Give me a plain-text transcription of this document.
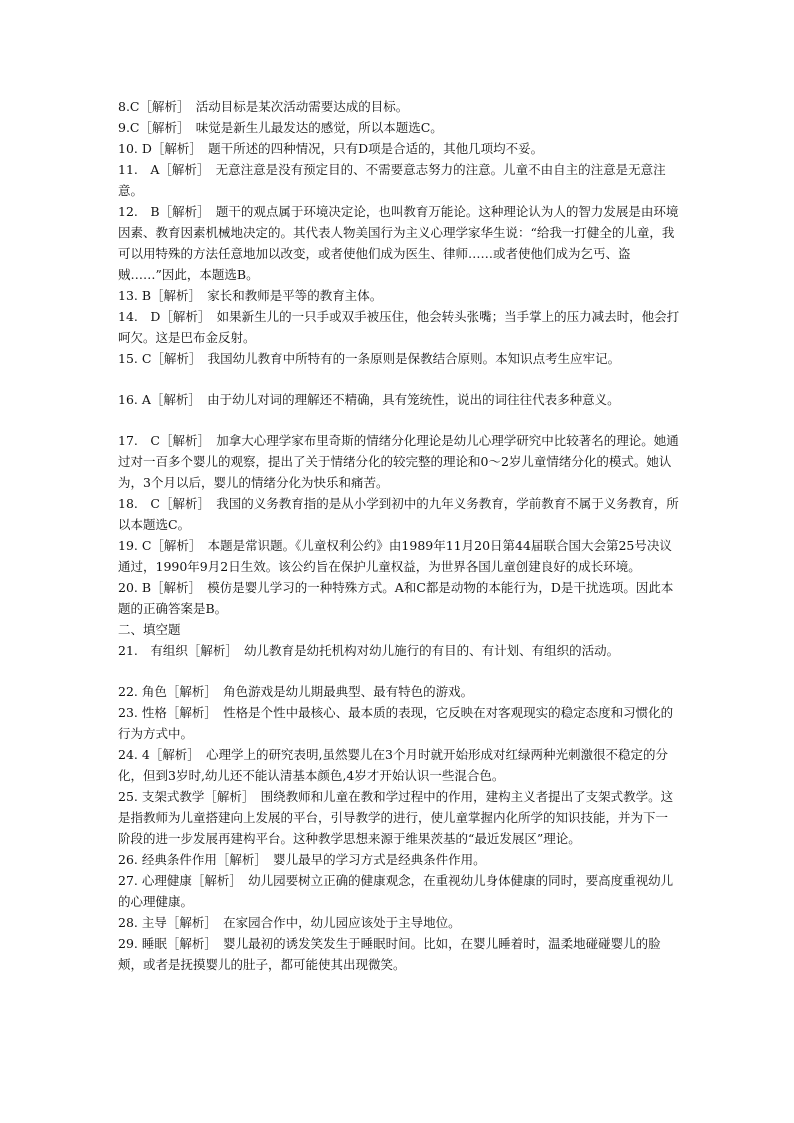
8.C［解析］　活动目标是某次活动需要达成的目标。

9.C［解析］　味觉是新生儿最发达的感觉，所以本题选C。

10. D［解析］　题干所述的四种情况，只有D项是合适的，其他几项均不妥。

11.　A［解析］　无意注意是没有预定目的、不需要意志努力的注意。儿童不由自主的注意是无意注意。

12.　B［解析］　题干的观点属于环境决定论，也叫教育万能论。这种理论认为人的智力发展是由环境因素、教育因素机械地决定的。其代表人物美国行为主义心理学家华生说：“给我一打健全的儿童，我可以用特殊的方法任意地加以改变，或者使他们成为医生、律师……或者使他们成为乞丐、盗贼……”因此，本题选B。

13. B［解析］　家长和教师是平等的教育主体。

14.　D［解析］　如果新生儿的一只手或双手被压住，他会转头张嘴；当手掌上的压力减去时，他会打呵欠。这是巴布金反射。

15. C［解析］　我国幼儿教育中所特有的一条原则是保教结合原则。本知识点考生应牢记。

16. A［解析］　由于幼儿对词的理解还不精确，具有笼统性，说出的词往往代表多种意义。

17.　C［解析］　加拿大心理学家布里奇斯的情绪分化理论是幼儿心理学研究中比较著名的理论。她通过对一百多个婴儿的观察，提出了关于情绪分化的较完整的理论和0～2岁儿童情绪分化的模式。她认为，3个月以后，婴儿的情绪分化为快乐和痛苦。

18.　C［解析］　我国的义务教育指的是从小学到初中的九年义务教育，学前教育不属于义务教育，所以本题选C。

19. C［解析］　本题是常识题。《儿童权利公约》由1989年11月20日第44届联合国大会第25号决议通过，1990年9月2日生效。该公约旨在保护儿童权益，为世界各国儿童创建良好的成长环境。

20. B［解析］　模仿是婴儿学习的一种特殊方式。A和C都是动物的本能行为，D是干扰选项。因此本题的正确答案是B。

二、填空题

21.　有组织［解析］　幼儿教育是幼托机构对幼儿施行的有目的、有计划、有组织的活动。

22. 角色［解析］　角色游戏是幼儿期最典型、最有特色的游戏。

23. 性格［解析］　性格是个性中最核心、最本质的表现，它反映在对客观现实的稳定态度和习惯化的行为方式中。

24. 4［解析］　心理学上的研究表明,虽然婴儿在3个月时就开始形成对红绿两种光刺激很不稳定的分化，但到3岁时,幼儿还不能认清基本颜色,4岁才开始认识一些混合色。

25. 支架式教学［解析］　围绕教师和儿童在教和学过程中的作用，建构主义者提出了支架式教学。这是指教师为儿童搭建向上发展的平台，引导教学的进行，使儿童掌握内化所学的知识技能，并为下一阶段的进一步发展再建构平台。这种教学思想来源于维果茨基的“最近发展区”理论。

26. 经典条件作用［解析］　婴儿最早的学习方式是经典条件作用。

27. 心理健康［解析］　幼儿园要树立正确的健康观念，在重视幼儿身体健康的同时，要高度重视幼儿的心理健康。

28. 主导［解析］　在家园合作中，幼儿园应该处于主导地位。

29. 睡眠［解析］　婴儿最初的诱发笑发生于睡眠时间。比如，在婴儿睡着时，温柔地碰碰婴儿的脸颊，或者是抚摸婴儿的肚子，都可能使其出现微笑。
